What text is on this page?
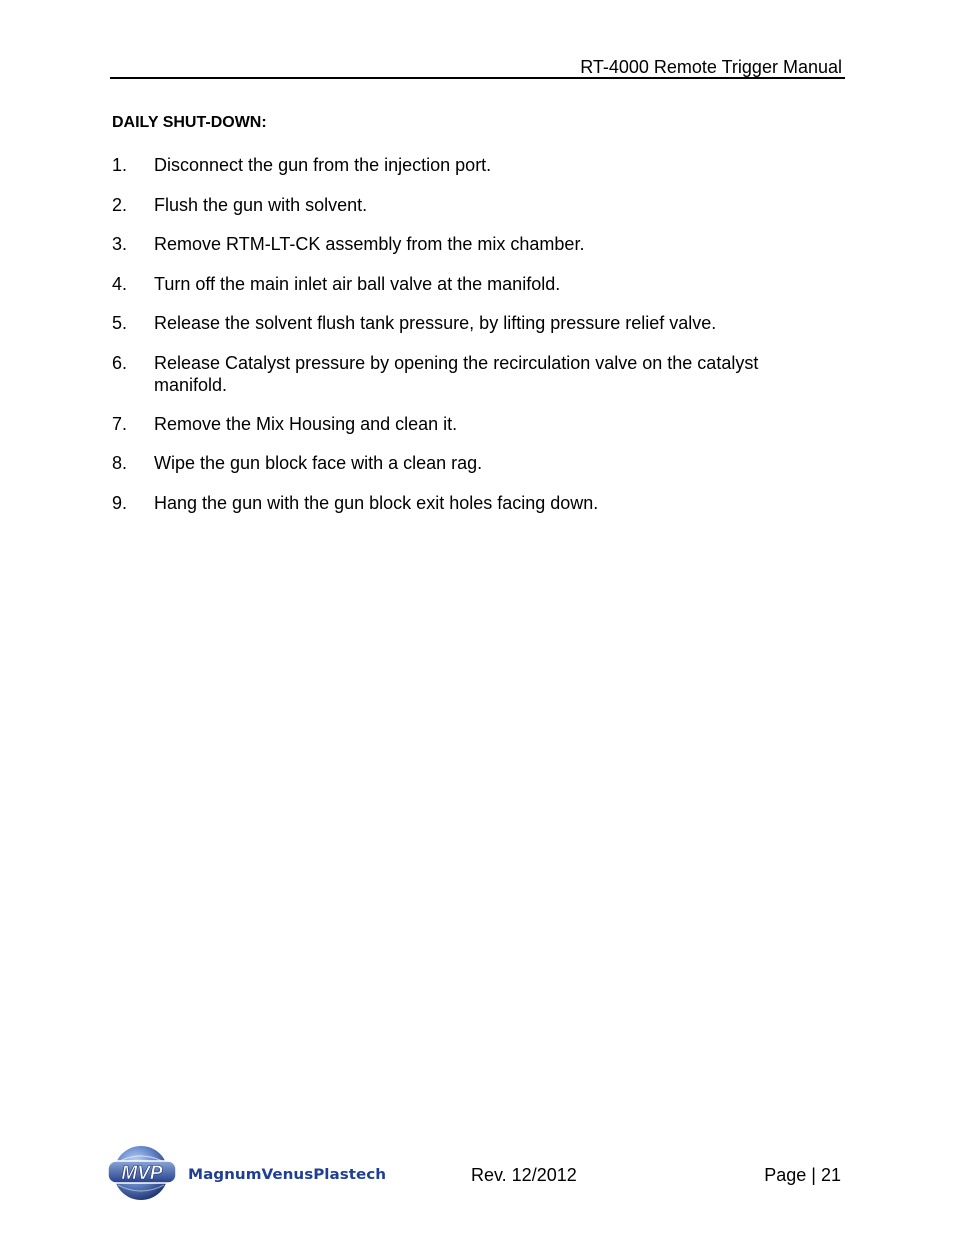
RT-4000 Remote Trigger Manual
DAILY SHUT-DOWN:
1.	Disconnect the gun from the injection port.
2.	Flush the gun with solvent.
3.	Remove RTM-LT-CK assembly from the mix chamber.
4.	Turn off the main inlet air ball valve at the manifold.
5.	Release the solvent flush tank pressure, by lifting pressure relief valve.
6.	Release Catalyst pressure by opening the recirculation valve on the catalyst manifold.
7.	Remove the Mix Housing and clean it.
8.	Wipe the gun block face with a clean rag.
9.	Hang the gun with the gun block exit holes facing down.
MVP MagnumVenusPlastech	Rev. 12/2012	Page | 21
